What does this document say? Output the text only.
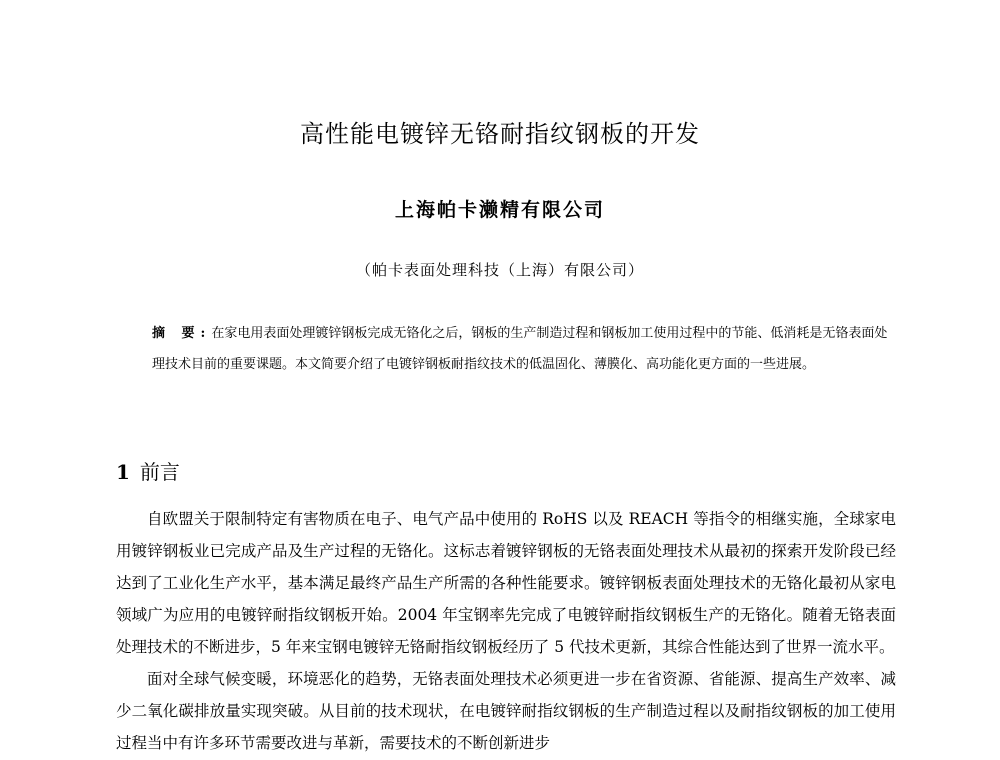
高性能电镀锌无铬耐指纹钢板的开发
上海帕卡濑精有限公司
（帕卡表面处理科技（上海）有限公司）

摘 要:在家电用表面处理镀锌钢板完成无铬化之后，钢板的生产制造过程和钢板加工使用过程中的节能、低消耗是无铬表面处理技术目前的重要课题。本文简要介绍了电镀锌钢板耐指纹技术的低温固化、薄膜化、高功能化更方面的一些进展。

1 前言

自欧盟关于限制特定有害物质在电子、电气产品中使用的 RoHS 以及 REACH 等指令的相继实施，全球家电用镀锌钢板业已完成产品及生产过程的无铬化。这标志着镀锌钢板的无铬表面处理技术从最初的探索开发阶段已经达到了工业化生产水平，基本满足最终产品生产所需的各种性能要求。镀锌钢板表面处理技术的无铬化最初从家电领域广为应用的电镀锌耐指纹钢板开始。2004 年宝钢率先完成了电镀锌耐指纹钢板生产的无铬化。随着无铬表面处理技术的不断进步，5 年来宝钢电镀锌无铬耐指纹钢板经历了 5 代技术更新，其综合性能达到了世界一流水平。

面对全球气候变暖，环境恶化的趋势，无铬表面处理技术必须更进一步在省资源、省能源、提高生产效率、减少二氧化碳排放量实现突破。从目前的技术现状，在电镀锌耐指纹钢板的生产制造过程以及耐指纹钢板的加工使用过程当中有许多环节需要改进与革新，需要技术的不断创新进步
